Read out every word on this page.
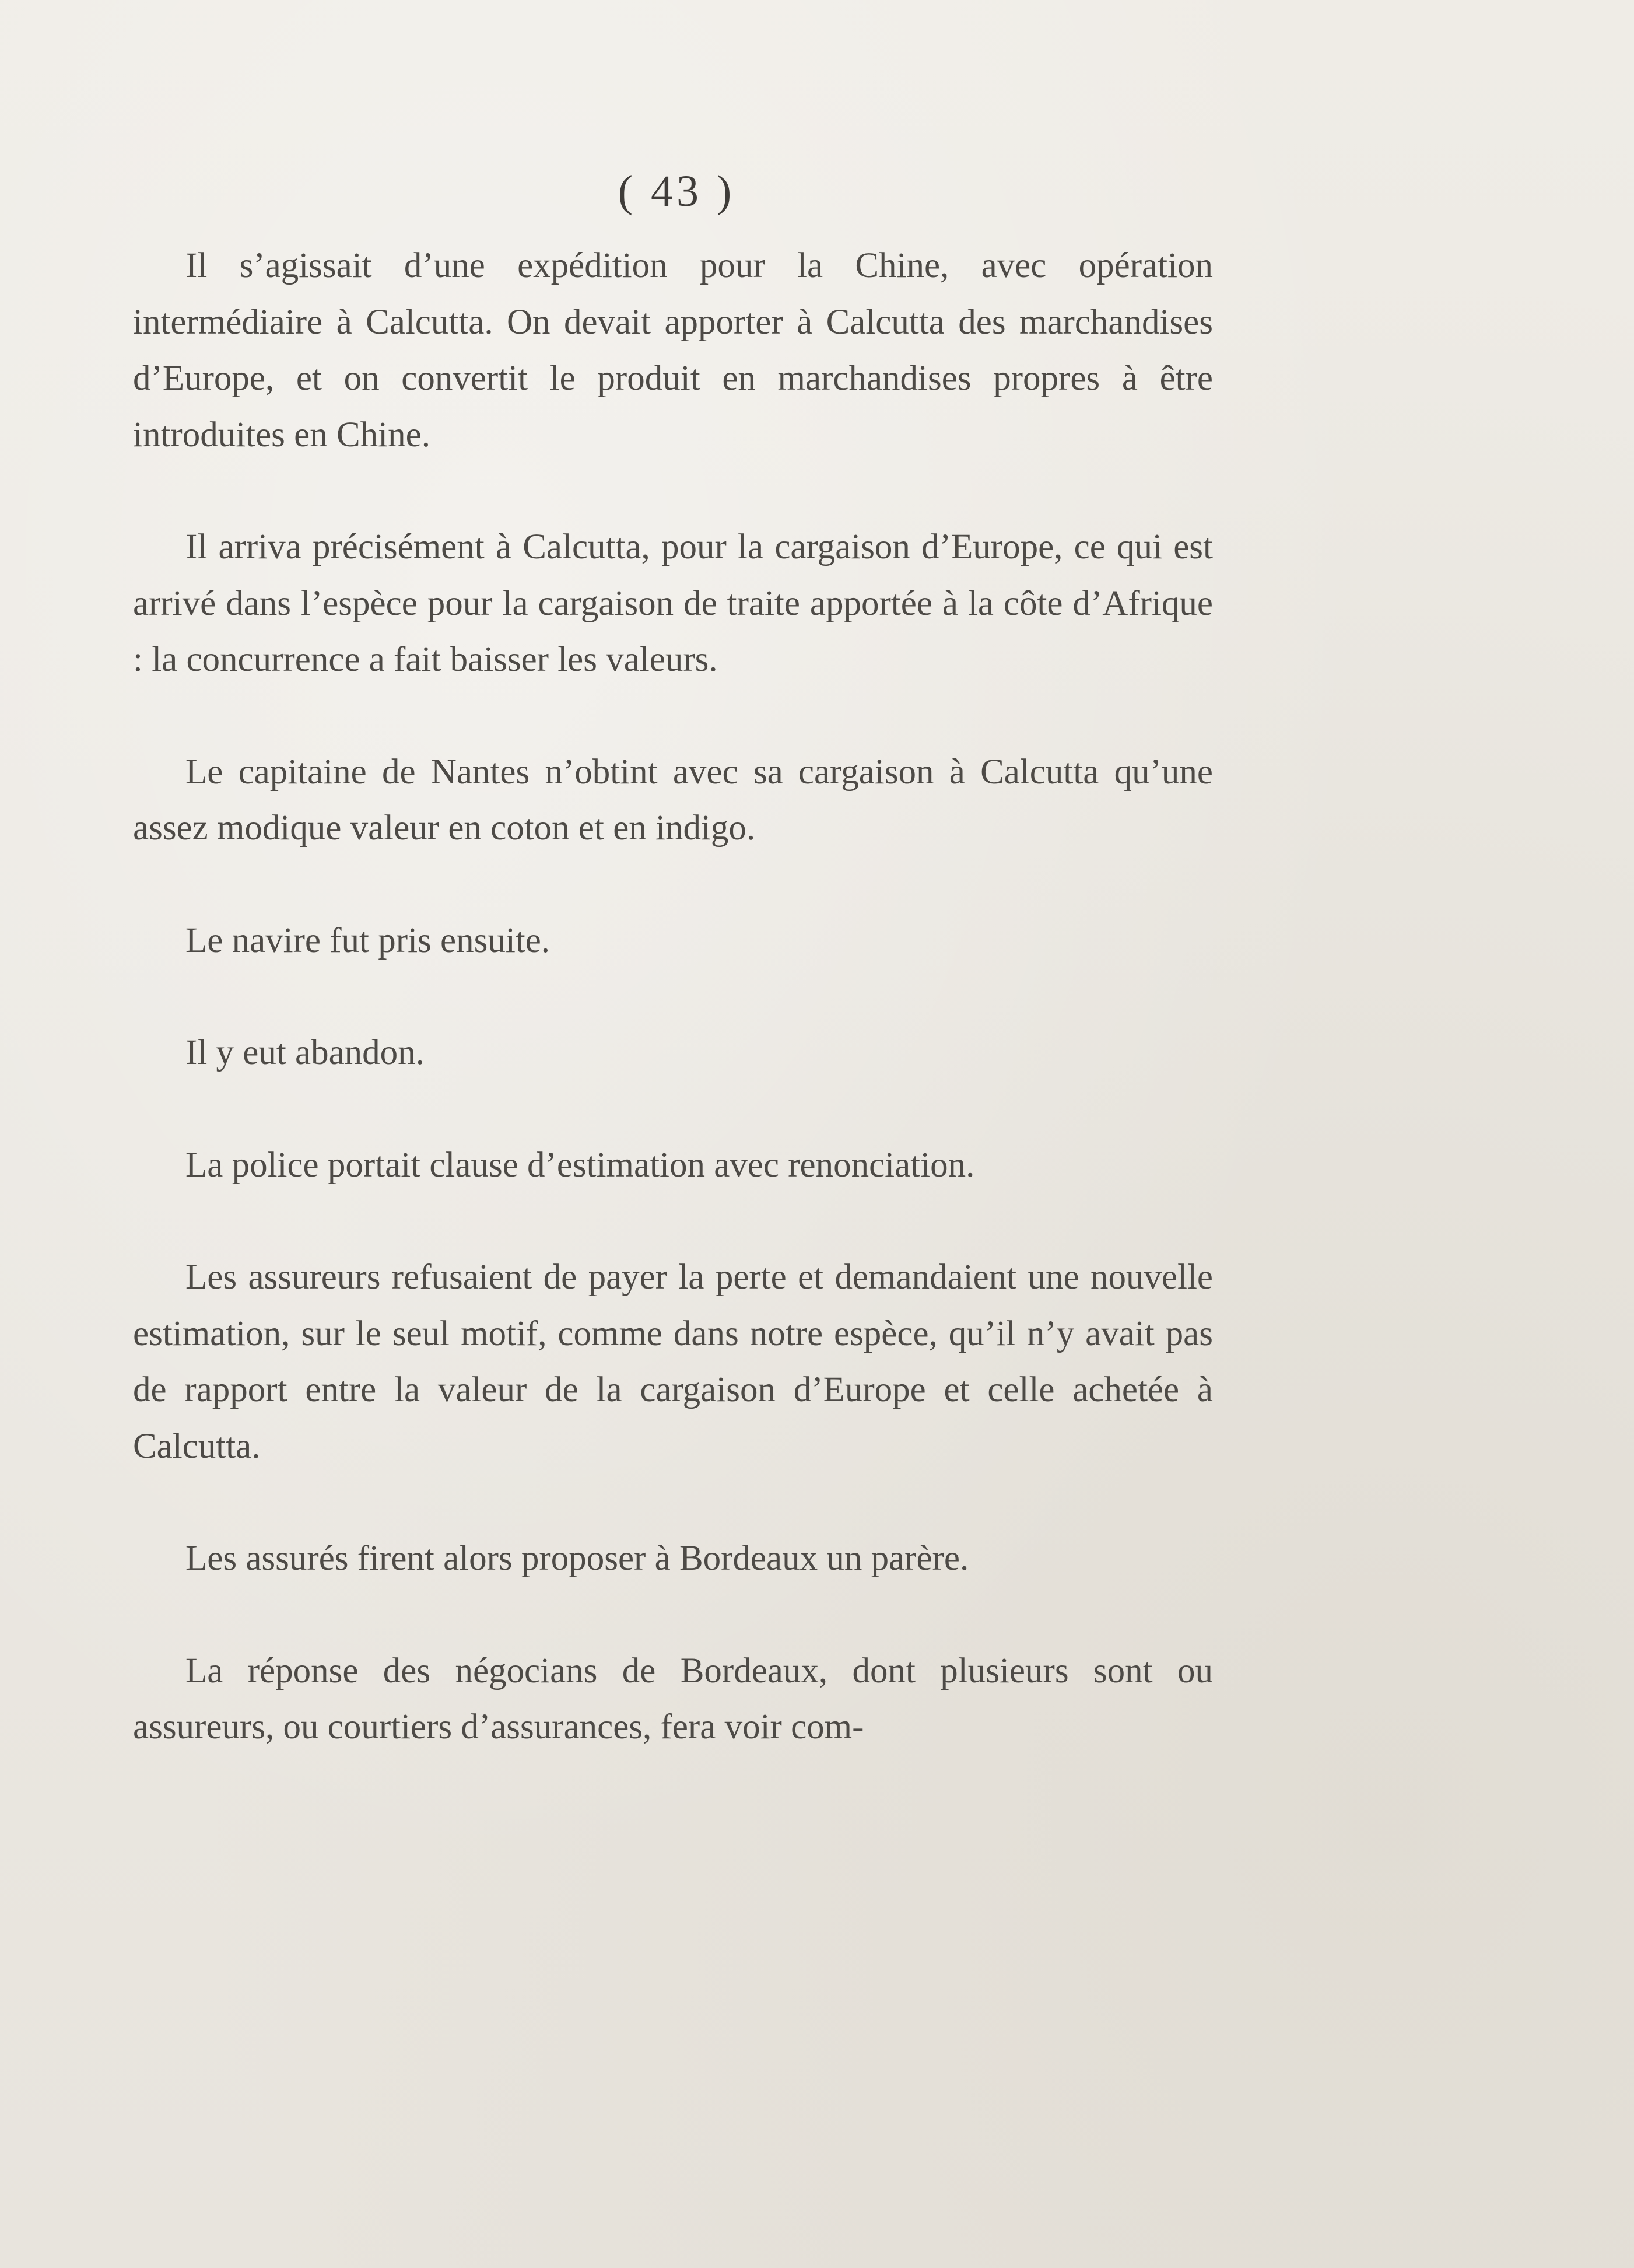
( 43 )

Il s’agissait d’une expédition pour la Chine, avec opération intermédiaire à Calcutta. On devait apporter à Calcutta des marchandises d’Europe, et on convertit le produit en marchandises propres à être introduites en Chine.

Il arriva précisément à Calcutta, pour la cargaison d’Europe, ce qui est arrivé dans l’espèce pour la cargaison de traite apportée à la côte d’Afrique : la concurrence a fait baisser les valeurs.

Le capitaine de Nantes n’obtint avec sa cargaison à Calcutta qu’une assez modique valeur en coton et en indigo.

Le navire fut pris ensuite.

Il y eut abandon.

La police portait clause d’estimation avec renonciation.

Les assureurs refusaient de payer la perte et demandaient une nouvelle estimation, sur le seul motif, comme dans notre espèce, qu’il n’y avait pas de rapport entre la valeur de la cargaison d’Europe et celle achetée à Calcutta.

Les assurés firent alors proposer à Bordeaux un parère.

La réponse des négocians de Bordeaux, dont plusieurs sont ou assureurs, ou courtiers d’assurances, fera voir com-
